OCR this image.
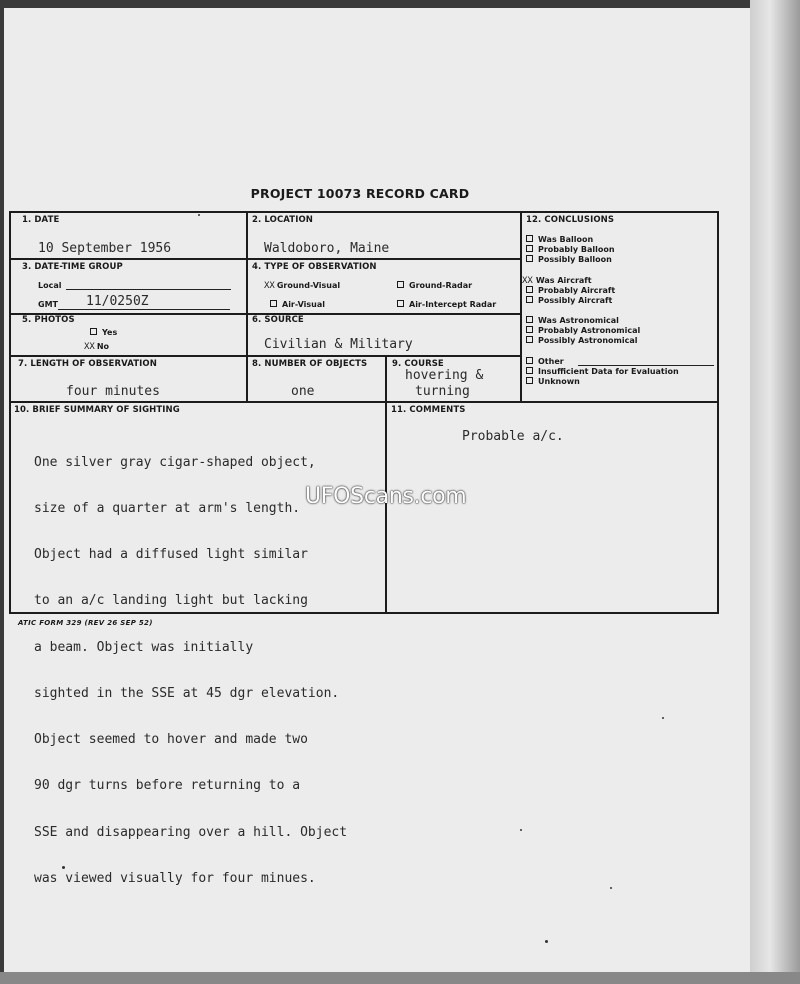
PROJECT 10073 RECORD CARD
1. DATE
10 September 1956
2. LOCATION
Waldoboro, Maine
3. DATE-TIME GROUP
Local
GMT 11/0250Z
4. TYPE OF OBSERVATION
XX Ground-Visual	Ground-Radar
Air-Visual	Air-Intercept Radar
5. PHOTOS
Yes
XX No
6. SOURCE
Civilian & Military
7. LENGTH OF OBSERVATION
four minutes
8. NUMBER OF OBJECTS
one
9. COURSE
hovering &
turning
10. BRIEF SUMMARY OF SIGHTING

One silver gray cigar-shaped object,

size of a quarter at arm's length.

Object had a diffused light similar

to an a/c landing light but lacking

a beam. Object was initially

sighted in the SSE at 45 dgr elevation.

Object seemed to hover and made two

90 dgr turns before returning to a

SSE and disappearing over a hill. Object

was viewed visually for four minues.

11. COMMENTS
Probable a/c.
12. CONCLUSIONS
Was Balloon
Probably Balloon
Possibly Balloon
XX Was Aircraft
Probably Aircraft
Possibly Aircraft
Was Astronomical
Probably Astronomical
Possibly Astronomical
Other
Insufficient Data for Evaluation
Unknown
UFOScans.com
ATIC FORM 329 (REV 26 SEP 52)
